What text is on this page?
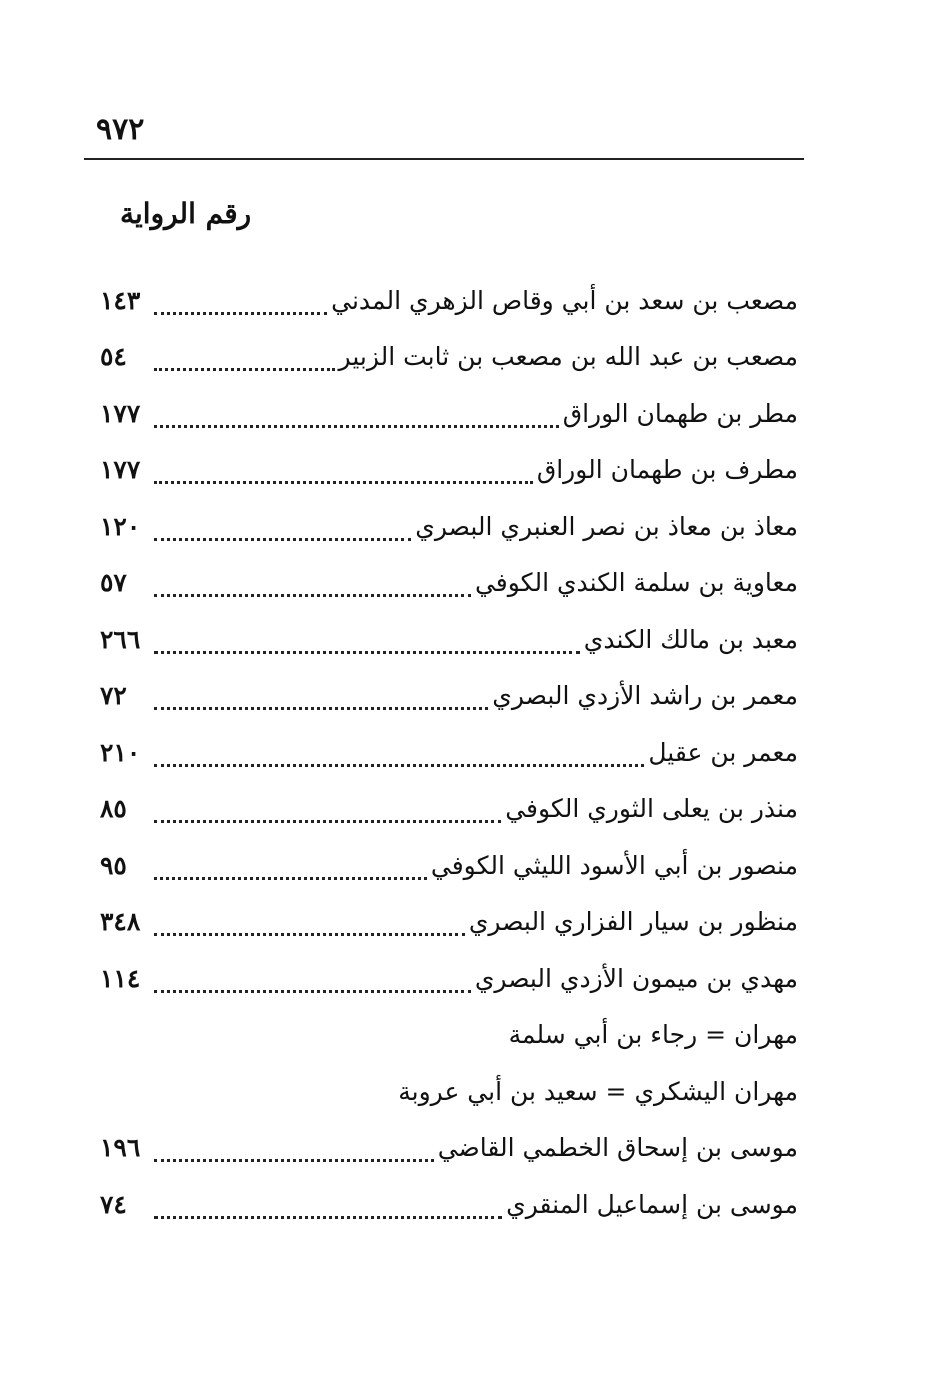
٩٧٢
رقم الرواية
مصعب بن سعد بن أبي وقاص الزهري المدني
١٤٣
مصعب بن عبد الله بن مصعب بن ثابت الزبير
٥٤
مطر بن طهمان الوراق
١٧٧
مطرف بن طهمان الوراق
١٧٧
معاذ بن معاذ بن نصر العنبري البصري
١٢٠
معاوية بن سلمة الكندي الكوفي
٥٧
معبد بن مالك الكندي
٢٦٦
معمر بن راشد الأزدي البصري
٧٢
معمر بن عقيل
٢١٠
منذر بن يعلى الثوري الكوفي
٨٥
منصور بن أبي الأسود الليثي الكوفي
٩٥
منظور بن سيار الفزاري البصري
٣٤٨
مهدي بن ميمون الأزدي البصري
١١٤
مهران = رجاء بن أبي سلمة
مهران اليشكري = سعيد بن أبي عروبة
موسى بن إسحاق الخطمي القاضي
١٩٦
موسى بن إسماعيل المنقري
٧٤
